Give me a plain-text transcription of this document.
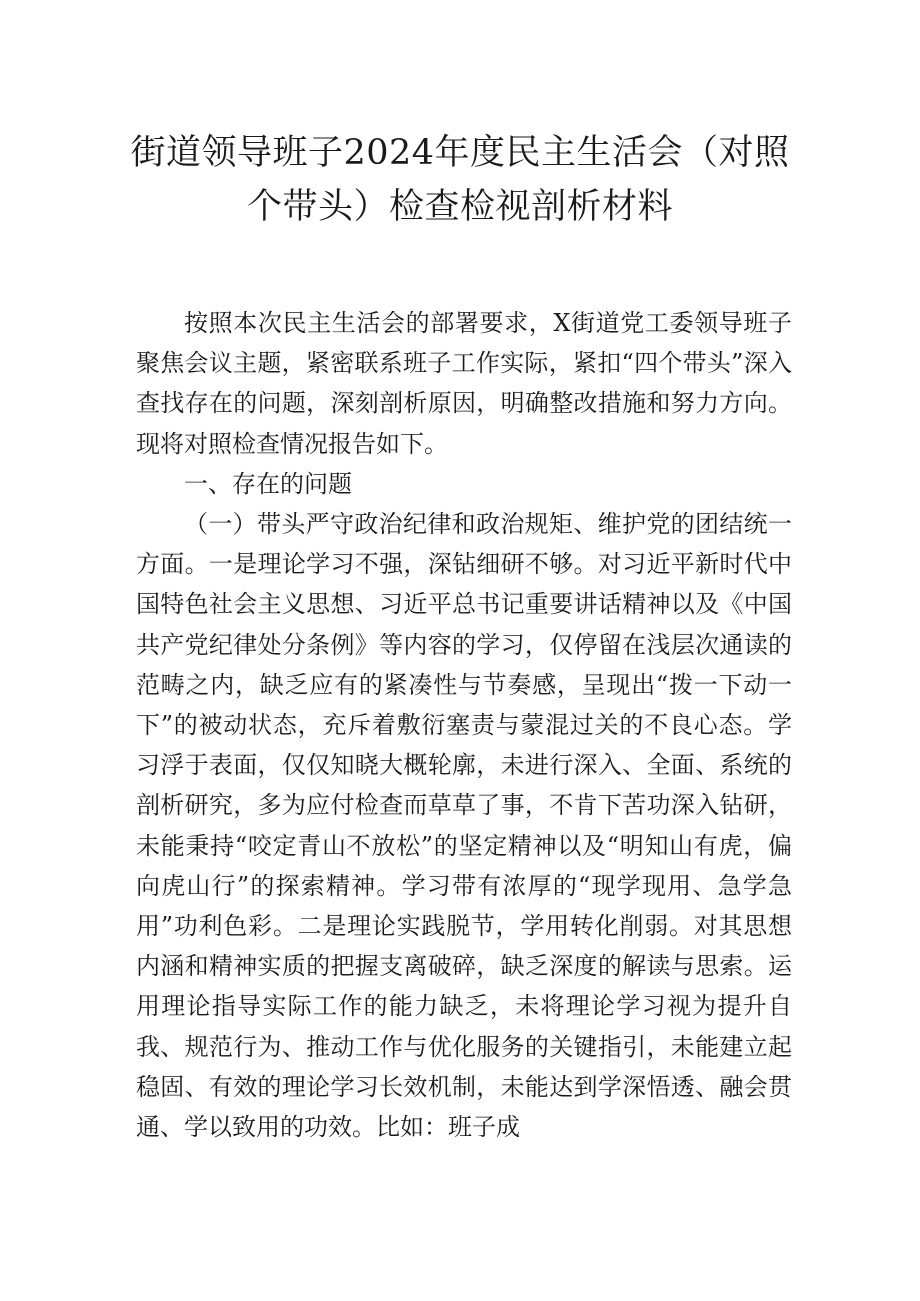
街道领导班子2024年度民主生活会（对照
个带头）检查检视剖析材料

按照本次民主生活会的部署要求，X街道党工委领导班子聚焦会议主题，紧密联系班子工作实际，紧扣“四个带头”深入查找存在的问题，深刻剖析原因，明确整改措施和努力方向。现将对照检查情况报告如下。

一、存在的问题

（一）带头严守政治纪律和政治规矩、维护党的团结统一方面。一是理论学习不强，深钻细研不够。对习近平新时代中国特色社会主义思想、习近平总书记重要讲话精神以及《中国共产党纪律处分条例》等内容的学习，仅停留在浅层次通读的范畴之内，缺乏应有的紧凑性与节奏感，呈现出“拨一下动一下”的被动状态，充斥着敷衍塞责与蒙混过关的不良心态。学习浮于表面，仅仅知晓大概轮廓，未进行深入、全面、系统的剖析研究，多为应付检查而草草了事，不肯下苦功深入钻研，未能秉持“咬定青山不放松”的坚定精神以及“明知山有虎，偏向虎山行”的探索精神。学习带有浓厚的“现学现用、急学急用”功利色彩。二是理论实践脱节，学用转化削弱。对其思想内涵和精神实质的把握支离破碎，缺乏深度的解读与思索。运用理论指导实际工作的能力缺乏，未将理论学习视为提升自我、规范行为、推动工作与优化服务的关键指引，未能建立起稳固、有效的理论学习长效机制，未能达到学深悟透、融会贯通、学以致用的功效。比如：班子成
